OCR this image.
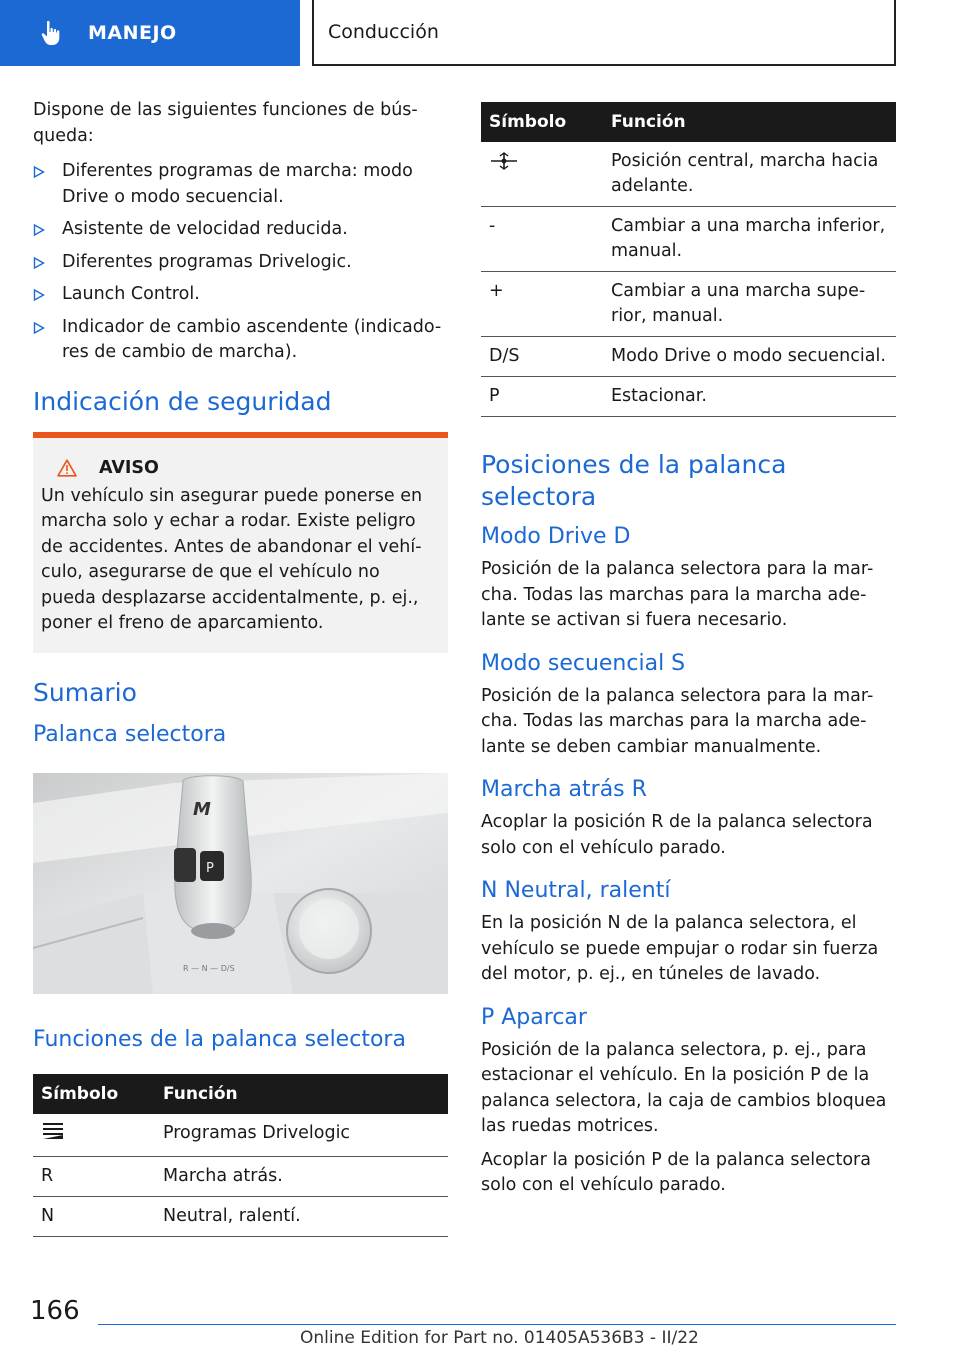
MANEJO	Conducción

Dispone de las siguientes funciones de bús-queda:

Diferentes programas de marcha: modo Drive o modo secuencial.
Asistente de velocidad reducida.
Diferentes programas Drivelogic.
Launch Control.
Indicador de cambio ascendente (indicado-res de cambio de marcha).
Indicación de seguridad
AVISO

Un vehículo sin asegurar puede ponerse en marcha solo y echar a rodar. Existe peligro de accidentes. Antes de abandonar el vehí-culo, asegurarse de que el vehículo no pueda desplazarse accidentalmente, p. ej., poner el freno de aparcamiento.

Sumario
Palanca selectora
M
P
R — N — D/S
Funciones de la palanca selectora
Símbolo	Función
	Programas Drivelogic
R	Marcha atrás.
N	Neutral, ralentí.
Símbolo	Función
	Posición central, marcha hacia adelante.
-	Cambiar a una marcha inferior, manual.
+	Cambiar a una marcha supe-rior, manual.
D/S	Modo Drive o modo secuencial.
P	Estacionar.
Posiciones de la palanca selectora
Modo Drive D

Posición de la palanca selectora para la mar-cha. Todas las marchas para la marcha ade-lante se activan si fuera necesario.

Modo secuencial S

Posición de la palanca selectora para la mar-cha. Todas las marchas para la marcha ade-lante se deben cambiar manualmente.

Marcha atrás R

Acoplar la posición R de la palanca selectora solo con el vehículo parado.

N Neutral, ralentí

En la posición N de la palanca selectora, el vehículo se puede empujar o rodar sin fuerza del motor, p. ej., en túneles de lavado.

P Aparcar

Posición de la palanca selectora, p. ej., para estacionar el vehículo. En la posición P de la palanca selectora, la caja de cambios bloquea las ruedas motrices.

Acoplar la posición P de la palanca selectora solo con el vehículo parado.

166
Online Edition for Part no. 01405A536B3 - II/22
